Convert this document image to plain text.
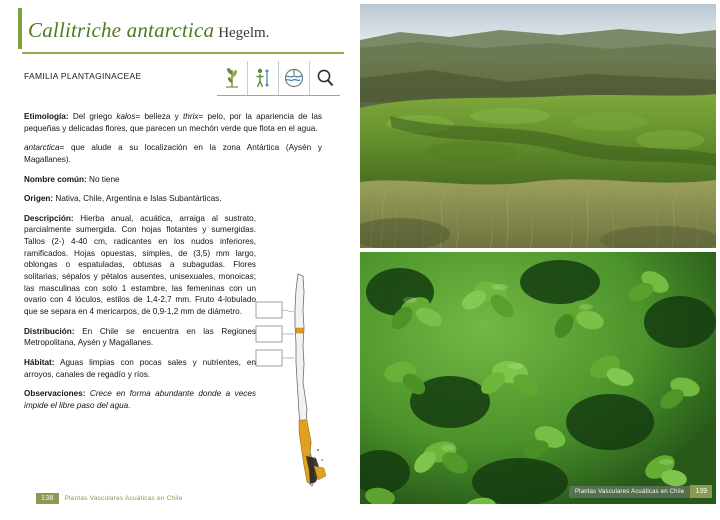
Callitriche antarctica Hegelm.
FAMILIA PLANTAGINACEAE

Etimología: Del griego kalos= belleza y thrix= pelo, por la apariencia de las pequeñas y delicadas flores, que parecen un mechón verde que flota en el agua.

antarctica= que alude a su localización en la zona Antártica (Aysén y Magallanes).

Nombre común: No tiene

Origen: Nativa, Chile, Argentina e Islas Subantárticas.

Descripción: Hierba anual, acuática, arraiga al sustrato, parcialmente sumergida. Con hojas flotantes y sumergidas. Tallos (2-) 4-40 cm, radicantes en los nudos inferiores, ramificados. Hojas opuestas, simples, de (3,5) mm largo, oblongas o espatuladas, obtusas a subagudas. Flores solitarias, sépalos y pétalos ausentes, unisexuales, monoicas; las masculinas con solo 1 estambre, las femeninas con un ovario con 4 lóculos, estilos de 1,4-2,7 mm. Fruto 4-lobulado que se separa en 4 mericarpos, de 0,9-1,2 mm de diámetro.

Distribución: En Chile se encuentra en las Regiones Metropolitana, Aysén y Magallanes.

Hábitat: Aguas limpias con pocas sales y nutrientes, en arroyos, canales de regadío y ríos.

Observaciones: Crece en forma abundante donde a veces impide el libre paso del agua.

138	Plantas Vasculares Acuáticas en Chile
Plantas Vasculares Acuáticas en Chile	139
